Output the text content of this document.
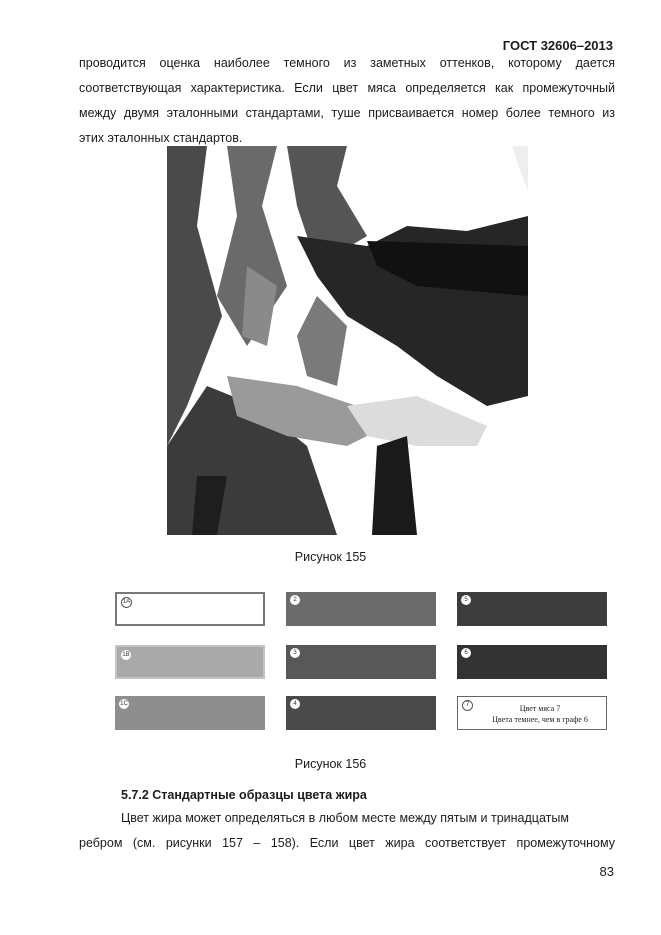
ГОСТ 32606–2013
проводится оценка наиболее темного из заметных оттенков, которому дается
соответствующая характеристика. Если цвет мяса определяется как промежуточный
между двумя эталонными стандартами, туше присваивается номер более темного из
этих эталонных стандартов.
Рисунок 155
1A	2	5
1B	3	6
1C	4	7	Цвет мяса 7
Цвета темнее, чем в графе 6
Рисунок 156
5.7.2 Стандартные образцы цвета жира
Цвет жира может определяться в любом месте между пятым и тринадцатым
ребром (см. рисунки 157 – 158). Если цвет жира соответствует промежуточному
83
